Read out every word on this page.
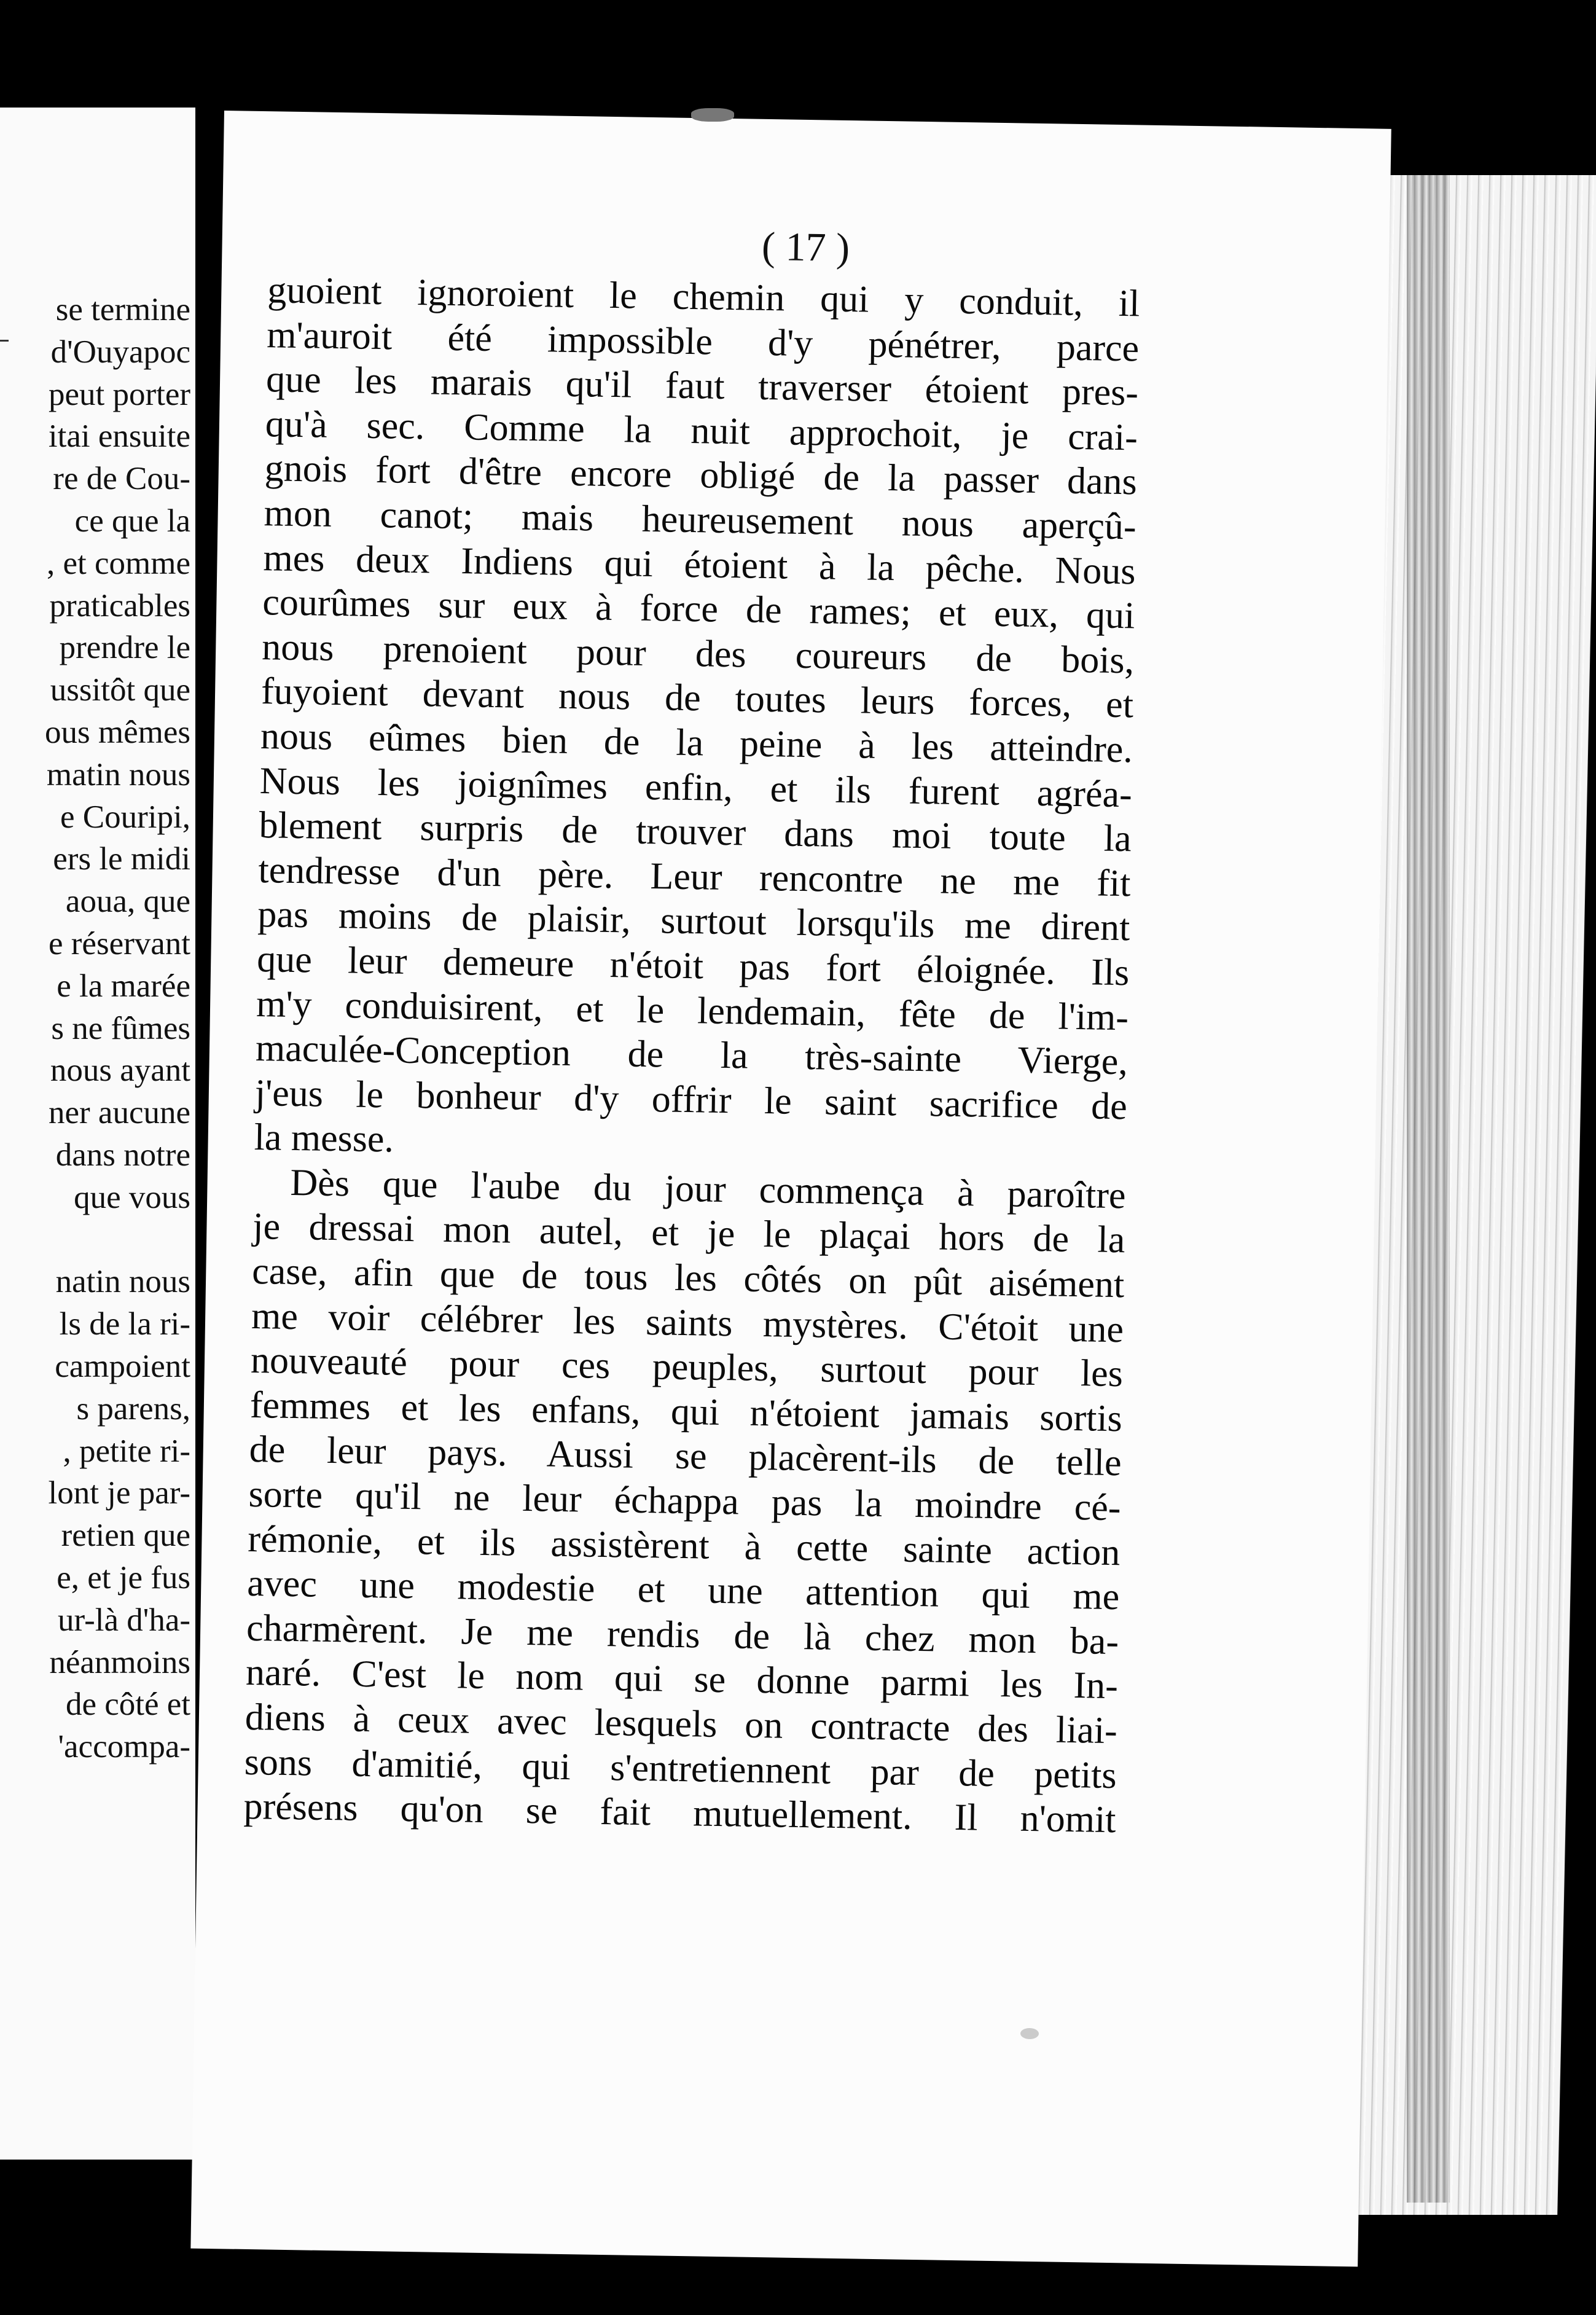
se termine
d'Ouyapoc
peut porter
itai ensuite
re de Cou-
ce que la
, et comme
praticables
prendre le
ussitôt que
ous mêmes
matin nous
e Couripi,
ers le midi
aoua, que
e réservant
e la marée
s ne fûmes
nous ayant
ner aucune
dans notre
que vous

natin nous
ls de la ri-
campoient
s parens,
, petite ri-
lont je par-
retien que
e, et je fus
ur-là d'ha-
néanmoins
de côté et
'accompa-
( 17 )
guoient ignoroient le chemin qui y conduit, il
m'auroit été impossible d'y pénétrer, parce
que les marais qu'il faut traverser étoient pres-
qu'à sec. Comme la nuit approchoit, je crai-
gnois fort d'être encore obligé de la passer dans
mon canot; mais heureusement nous aperçû-
mes deux Indiens qui étoient à la pêche. Nous
courûmes sur eux à force de rames; et eux, qui
nous prenoient pour des coureurs de bois,
fuyoient devant nous de toutes leurs forces, et
nous eûmes bien de la peine à les atteindre.
Nous les joignîmes enfin, et ils furent agréa-
blement surpris de trouver dans moi toute la
tendresse d'un père. Leur rencontre ne me fit
pas moins de plaisir, surtout lorsqu'ils me dirent
que leur demeure n'étoit pas fort éloignée. Ils
m'y conduisirent, et le lendemain, fête de l'im-
maculée-Conception de la très-sainte Vierge,
j'eus le bonheur d'y offrir le saint sacrifice de
la messe.
Dès que l'aube du jour commença à paroître
je dressai mon autel, et je le plaçai hors de la
case, afin que de tous les côtés on pût aisément
me voir célébrer les saints mystères. C'étoit une
nouveauté pour ces peuples, surtout pour les
femmes et les enfans, qui n'étoient jamais sortis
de leur pays. Aussi se placèrent-ils de telle
sorte qu'il ne leur échappa pas la moindre cé-
rémonie, et ils assistèrent à cette sainte action
avec une modestie et une attention qui me
charmèrent. Je me rendis de là chez mon ba-
naré. C'est le nom qui se donne parmi les In-
diens à ceux avec lesquels on contracte des liai-
sons d'amitié, qui s'entretiennent par de petits
présens qu'on se fait mutuellement. Il n'omit
